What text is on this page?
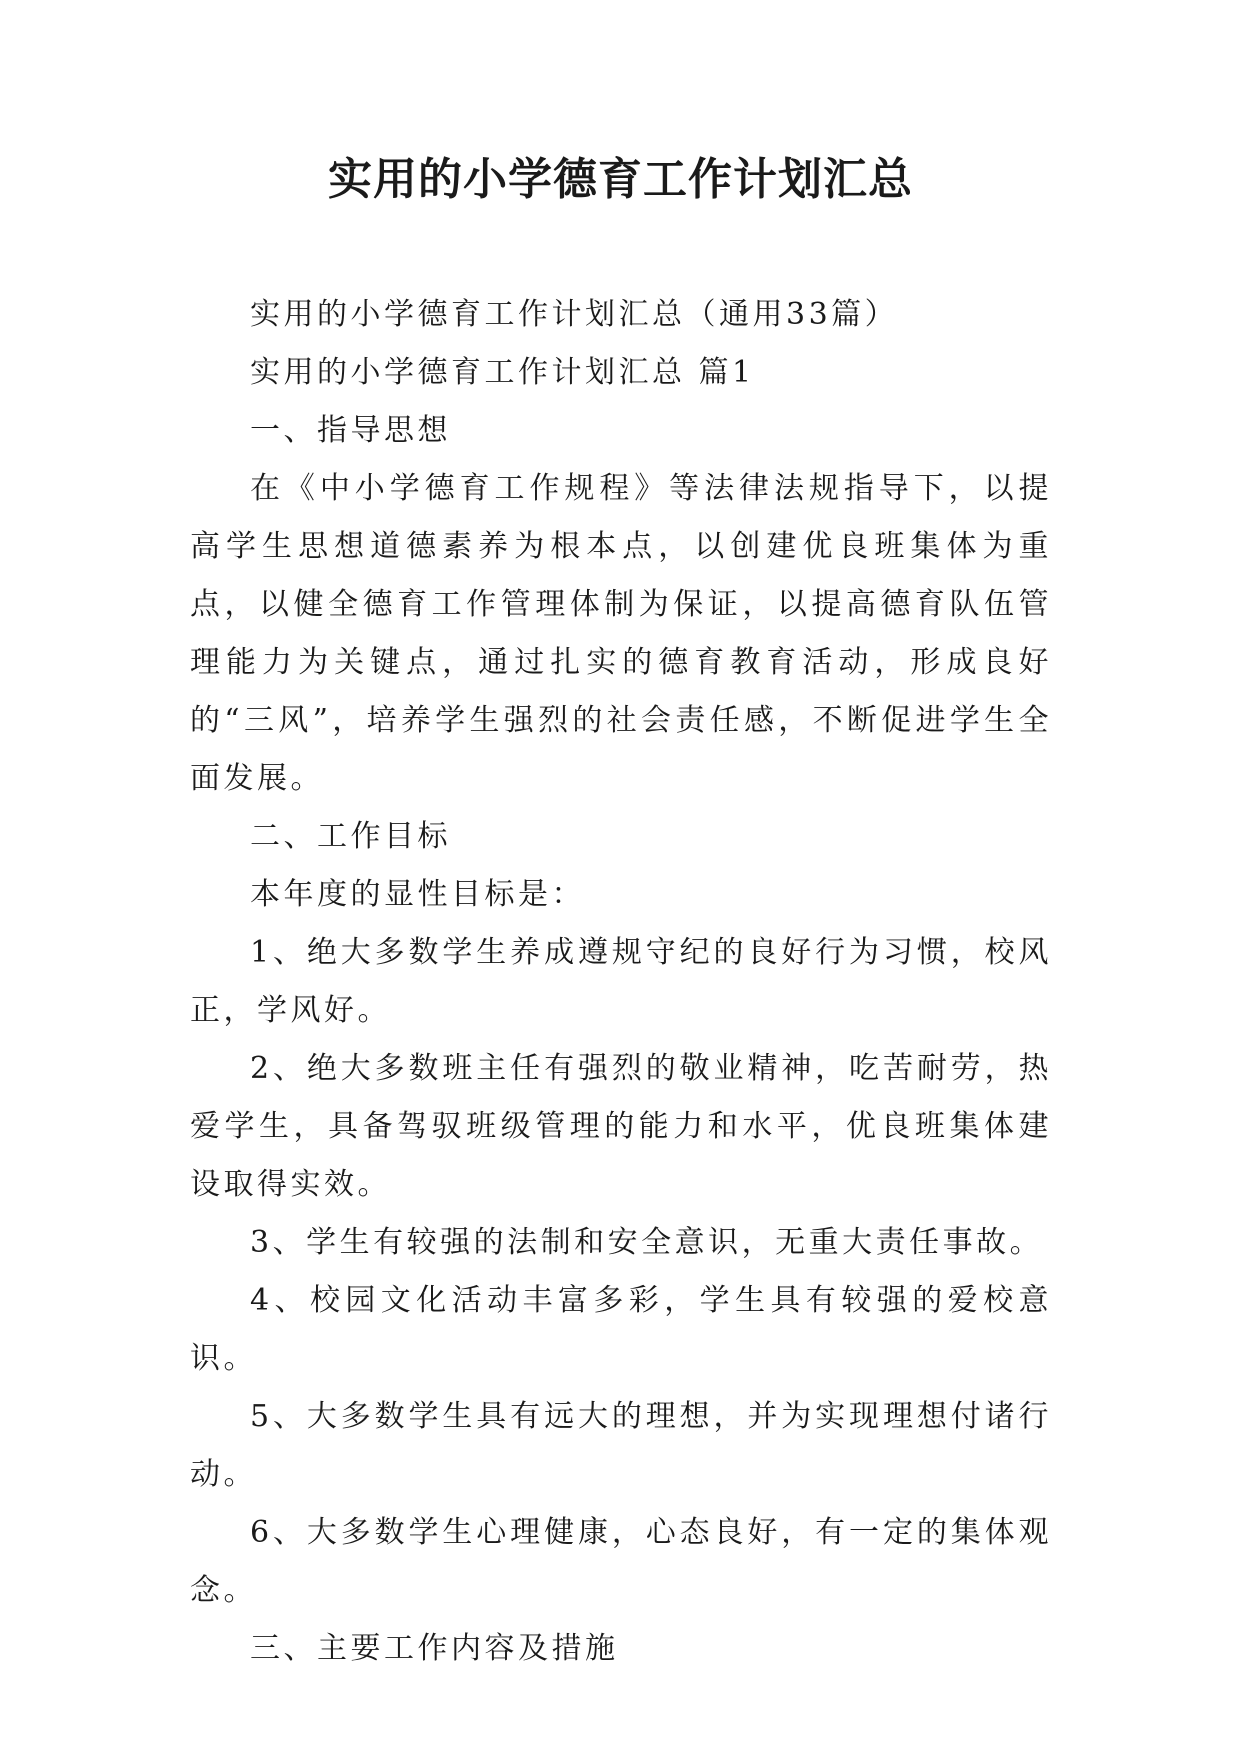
实用的小学德育工作计划汇总

实用的小学德育工作计划汇总（通用33篇）

实用的小学德育工作计划汇总 篇1

一、指导思想

在《中小学德育工作规程》等法律法规指导下，以提高学生思想道德素养为根本点，以创建优良班集体为重点，以健全德育工作管理体制为保证，以提高德育队伍管理能力为关键点，通过扎实的德育教育活动，形成良好的“三风”，培养学生强烈的社会责任感，不断促进学生全面发展。

二、工作目标

本年度的显性目标是：

1、绝大多数学生养成遵规守纪的良好行为习惯，校风正，学风好。

2、绝大多数班主任有强烈的敬业精神，吃苦耐劳，热爱学生，具备驾驭班级管理的能力和水平，优良班集体建设取得实效。

3、学生有较强的法制和安全意识，无重大责任事故。

4、校园文化活动丰富多彩，学生具有较强的爱校意识。

5、大多数学生具有远大的理想，并为实现理想付诸行动。

6、大多数学生心理健康，心态良好，有一定的集体观念。

三、主要工作内容及措施
